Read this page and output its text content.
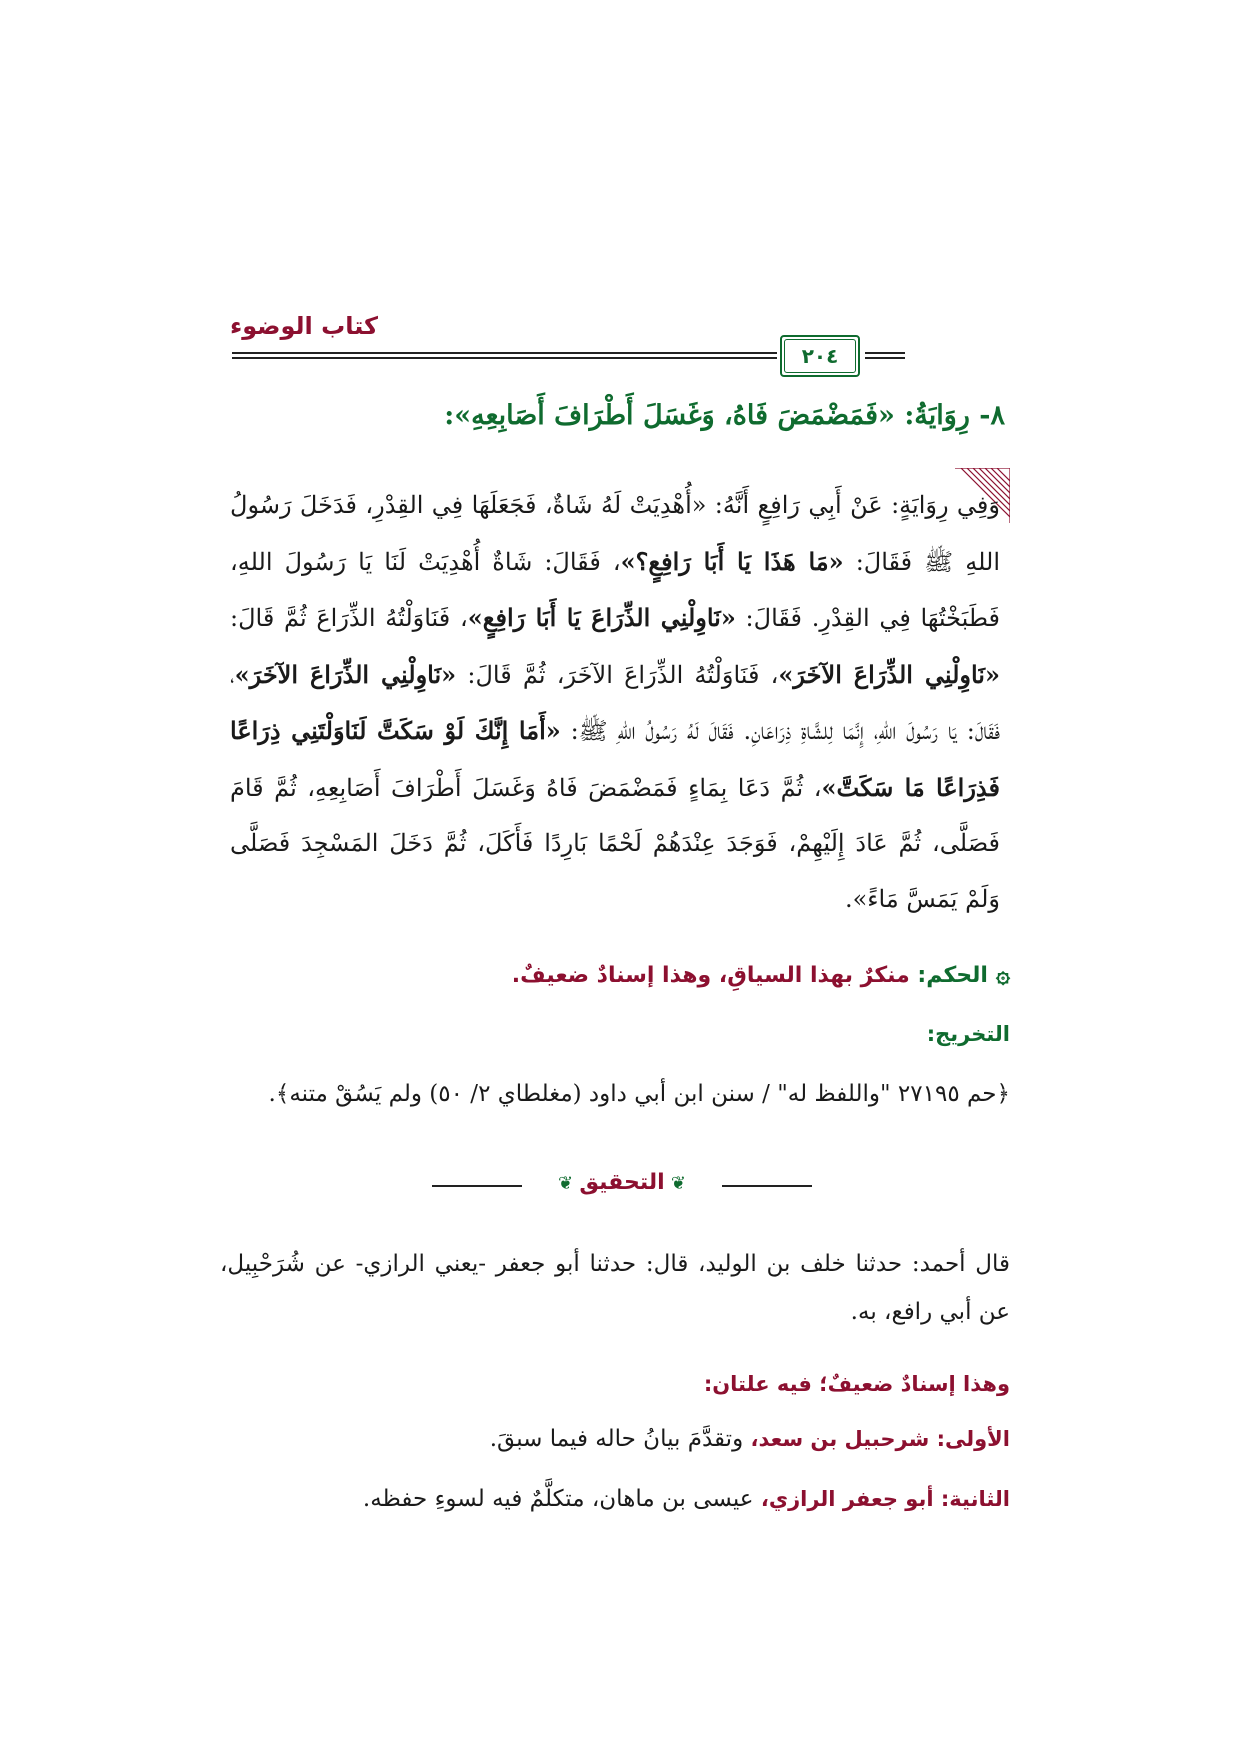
كتاب الوضوء
٢٠٤
٨- رِوَايَةُ: «فَمَضْمَضَ فَاهُ، وَغَسَلَ أَطْرَافَ أَصَابِعِهِ»:

وَفِي رِوَايَةٍ: عَنْ أَبِي رَافِعٍ أَنَّهُ: «أُهْدِيَتْ لَهُ شَاةٌ، فَجَعَلَهَا فِي القِدْرِ، فَدَخَلَ رَسُولُ اللهِ ﷺ فَقَالَ: «مَا هَذَا يَا أَبَا رَافِعٍ؟»، فَقَالَ: شَاةٌ أُهْدِيَتْ لَنَا يَا رَسُولَ اللهِ، فَطَبَخْتُهَا فِي القِدْرِ. فَقَالَ: «نَاوِلْنِي الذِّرَاعَ يَا أَبَا رَافِعٍ»، فَنَاوَلْتُهُ الذِّرَاعَ ثُمَّ قَالَ: «نَاوِلْنِي الذِّرَاعَ الآخَرَ»، فَنَاوَلْتُهُ الذِّرَاعَ الآخَرَ، ثُمَّ قَالَ: «نَاوِلْنِي الذِّرَاعَ الآخَرَ»، فَقَالَ: يَا رَسُولَ اللهِ، إِنَّمَا لِلشَّاةِ ذِرَاعَانِ. فَقَالَ لَهُ رَسُولُ اللهِ ﷺ: «أَمَا إِنَّكَ لَوْ سَكَتَّ لَنَاوَلْتَنِي ذِرَاعًا فَذِرَاعًا مَا سَكَتَّ»، ثُمَّ دَعَا بِمَاءٍ فَمَضْمَضَ فَاهُ وَغَسَلَ أَطْرَافَ أَصَابِعِهِ، ثُمَّ قَامَ فَصَلَّى، ثُمَّ عَادَ إِلَيْهِمْ، فَوَجَدَ عِنْدَهُمْ لَحْمًا بَارِدًا فَأَكَلَ، ثُمَّ دَخَلَ المَسْجِدَ فَصَلَّى وَلَمْ يَمَسَّ مَاءً».

۞الحكم: منكرٌ بهذا السياقِ، وهذا إسنادٌ ضعيفٌ.
التخريج:
﴿حم ٢٧١٩٥ "واللفظ له" / سنن ابن أبي داود (مغلطاي ٢/ ٥٠) ولم يَسُقْ متنه﴾.
❦ التحقيق ❦
قال أحمد: حدثنا خلف بن الوليد، قال: حدثنا أبو جعفر -يعني الرازي- عن شُرَحْبِيل، عن أبي رافع، به.
وهذا إسنادٌ ضعيفٌ؛ فيه علتان:
الأولى: شرحبيل بن سعد، وتقدَّمَ بيانُ حاله فيما سبقَ.
الثانية: أبو جعفر الرازي، عيسى بن ماهان، متكلَّمٌ فيه لسوءِ حفظه.
